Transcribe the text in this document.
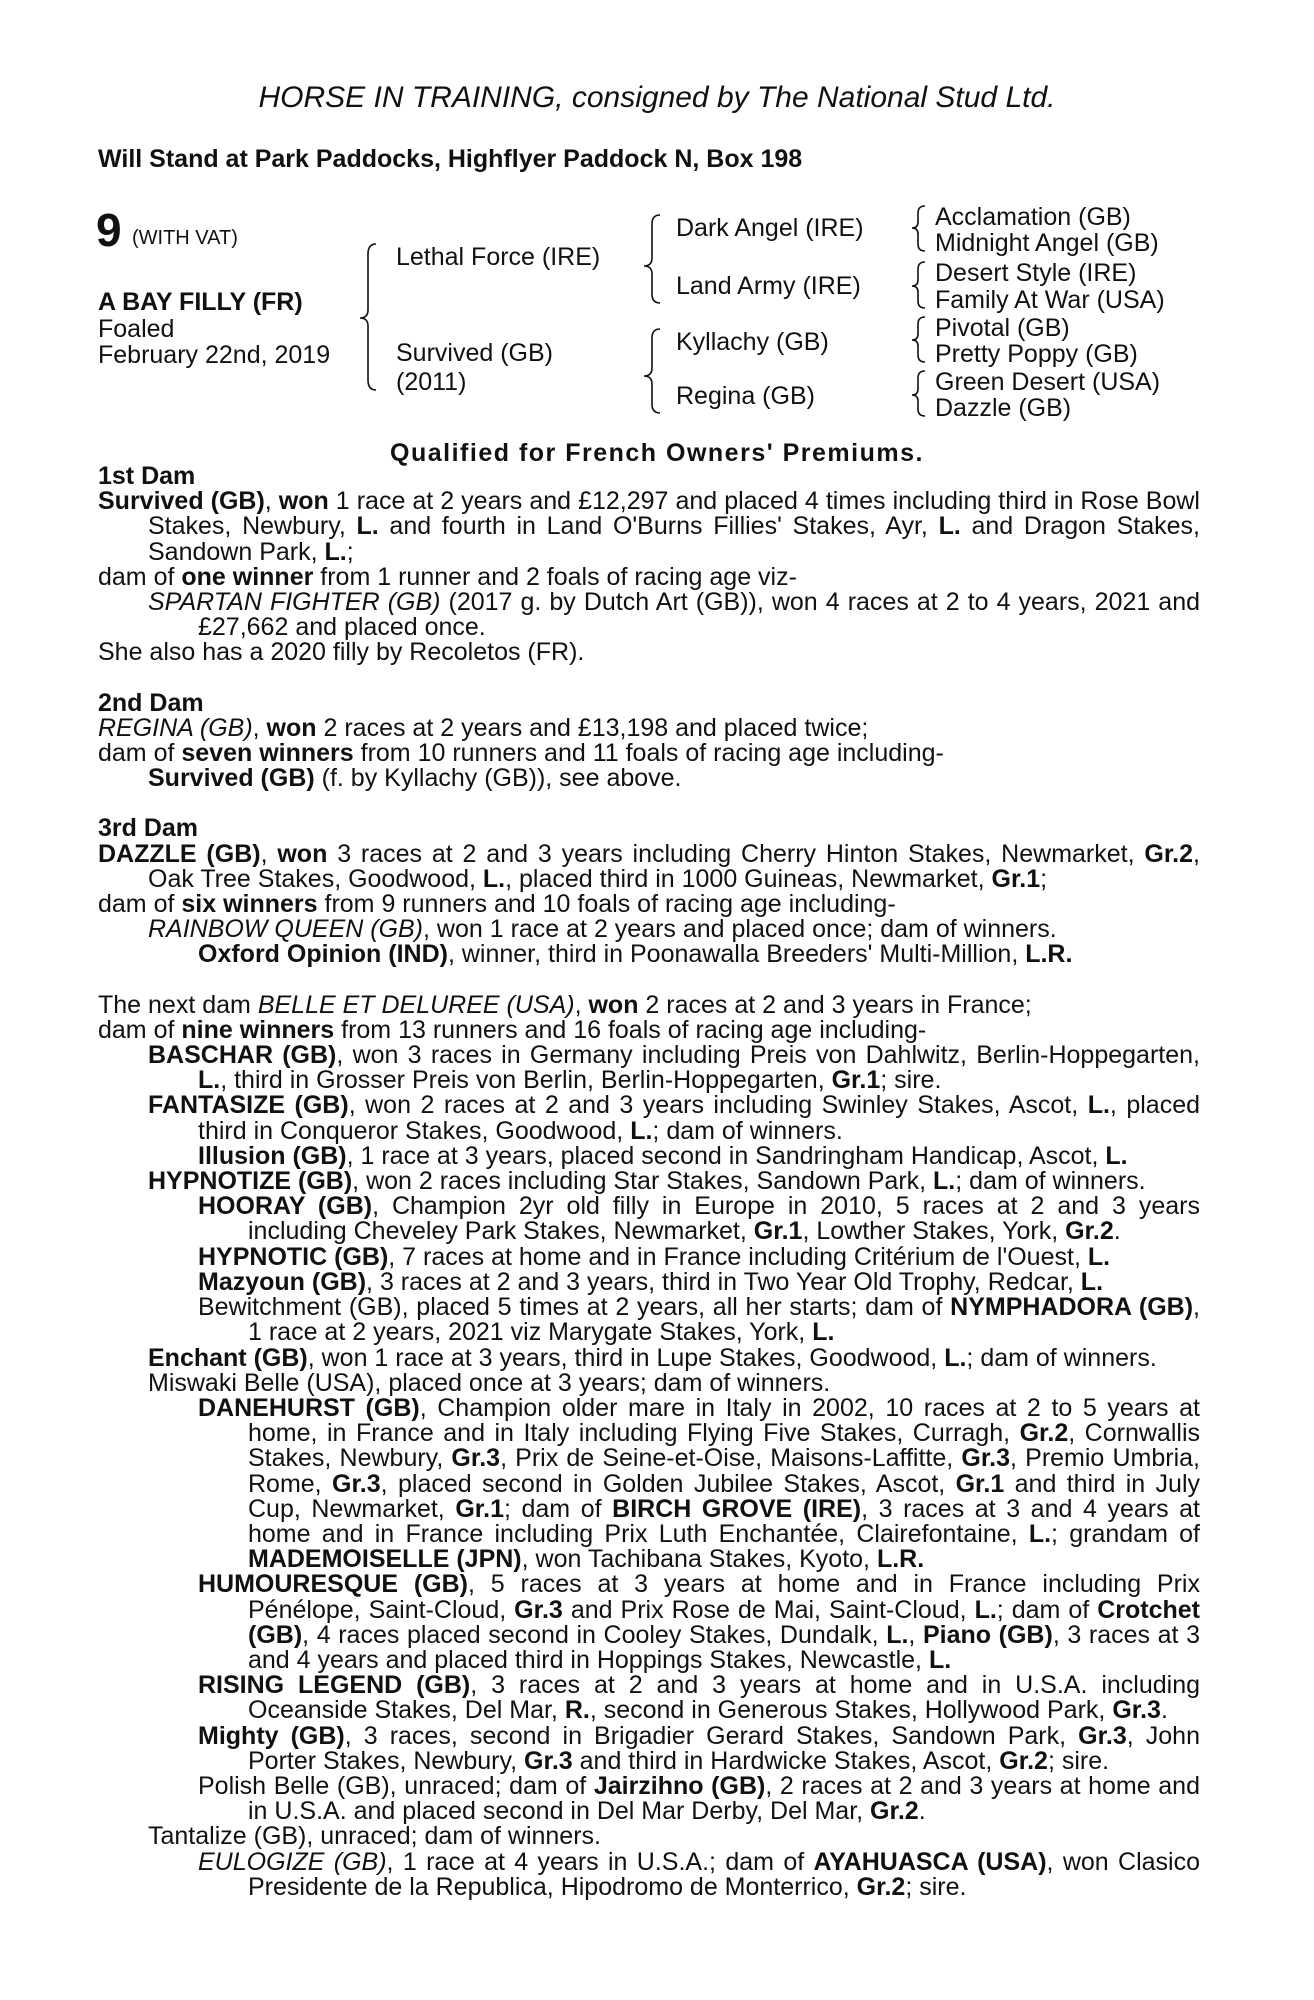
HORSE IN TRAINING, consigned by The National Stud Ltd.
Will Stand at Park Paddocks, Highflyer Paddock N, Box 198
9 (WITH VAT)
A BAY FILLY (FR)
Foaled
February 22nd, 2019
Lethal Force (IRE)
Survived (GB)
(2011)
Dark Angel (IRE)
Land Army (IRE)
Kyllachy (GB)
Regina (GB)
Acclamation (GB)
Midnight Angel (GB)
Desert Style (IRE)
Family At War (USA)
Pivotal (GB)
Pretty Poppy (GB)
Green Desert (USA)
Dazzle (GB)
Qualified for French Owners' Premiums.

1st Dam

Survived (GB), won 1 race at 2 years and £12,297 and placed 4 times including third in Rose Bowl Stakes, Newbury, L. and fourth in Land O'Burns Fillies' Stakes, Ayr, L. and Dragon Stakes, Sandown Park, L.;

dam of one winner from 1 runner and 2 foals of racing age viz-

SPARTAN FIGHTER (GB) (2017 g. by Dutch Art (GB)), won 4 races at 2 to 4 years, 2021 and £27,662 and placed once.

She also has a 2020 filly by Recoletos (FR).

2nd Dam

REGINA (GB), won 2 races at 2 years and £13,198 and placed twice;

dam of seven winners from 10 runners and 11 foals of racing age including-

Survived (GB) (f. by Kyllachy (GB)), see above.

3rd Dam

DAZZLE (GB), won 3 races at 2 and 3 years including Cherry Hinton Stakes, Newmarket, Gr.2, Oak Tree Stakes, Goodwood, L., placed third in 1000 Guineas, Newmarket, Gr.1;

dam of six winners from 9 runners and 10 foals of racing age including-

RAINBOW QUEEN (GB), won 1 race at 2 years and placed once; dam of winners.

Oxford Opinion (IND), winner, third in Poonawalla Breeders' Multi-Million, L.R.

The next dam BELLE ET DELUREE (USA), won 2 races at 2 and 3 years in France;

dam of nine winners from 13 runners and 16 foals of racing age including-

BASCHAR (GB), won 3 races in Germany including Preis von Dahlwitz, Berlin-Hoppegarten, L., third in Grosser Preis von Berlin, Berlin-Hoppegarten, Gr.1; sire.

FANTASIZE (GB), won 2 races at 2 and 3 years including Swinley Stakes, Ascot, L., placed third in Conqueror Stakes, Goodwood, L.; dam of winners.

Illusion (GB), 1 race at 3 years, placed second in Sandringham Handicap, Ascot, L.

HYPNOTIZE (GB), won 2 races including Star Stakes, Sandown Park, L.; dam of winners.

HOORAY (GB), Champion 2yr old filly in Europe in 2010, 5 races at 2 and 3 years including Cheveley Park Stakes, Newmarket, Gr.1, Lowther Stakes, York, Gr.2.

HYPNOTIC (GB), 7 races at home and in France including Critérium de l'Ouest, L.

Mazyoun (GB), 3 races at 2 and 3 years, third in Two Year Old Trophy, Redcar, L.

Bewitchment (GB), placed 5 times at 2 years, all her starts; dam of NYMPHADORA (GB), 1 race at 2 years, 2021 viz Marygate Stakes, York, L.

Enchant (GB), won 1 race at 3 years, third in Lupe Stakes, Goodwood, L.; dam of winners.

Miswaki Belle (USA), placed once at 3 years; dam of winners.

DANEHURST (GB), Champion older mare in Italy in 2002, 10 races at 2 to 5 years at home, in France and in Italy including Flying Five Stakes, Curragh, Gr.2, Cornwallis Stakes, Newbury, Gr.3, Prix de Seine-et-Oise, Maisons-Laffitte, Gr.3, Premio Umbria, Rome, Gr.3, placed second in Golden Jubilee Stakes, Ascot, Gr.1 and third in July Cup, Newmarket, Gr.1; dam of BIRCH GROVE (IRE), 3 races at 3 and 4 years at home and in France including Prix Luth Enchantée, Clairefontaine, L.; grandam of MADEMOISELLE (JPN), won Tachibana Stakes, Kyoto, L.R.

HUMOURESQUE (GB), 5 races at 3 years at home and in France including Prix Pénélope, Saint-Cloud, Gr.3 and Prix Rose de Mai, Saint-Cloud, L.; dam of Crotchet (GB), 4 races placed second in Cooley Stakes, Dundalk, L., Piano (GB), 3 races at 3 and 4 years and placed third in Hoppings Stakes, Newcastle, L.

RISING LEGEND (GB), 3 races at 2 and 3 years at home and in U.S.A. including Oceanside Stakes, Del Mar, R., second in Generous Stakes, Hollywood Park, Gr.3.

Mighty (GB), 3 races, second in Brigadier Gerard Stakes, Sandown Park, Gr.3, John Porter Stakes, Newbury, Gr.3 and third in Hardwicke Stakes, Ascot, Gr.2; sire.

Polish Belle (GB), unraced; dam of Jairzihno (GB), 2 races at 2 and 3 years at home and in U.S.A. and placed second in Del Mar Derby, Del Mar, Gr.2.

Tantalize (GB), unraced; dam of winners.

EULOGIZE (GB), 1 race at 4 years in U.S.A.; dam of AYAHUASCA (USA), won Clasico Presidente de la Republica, Hipodromo de Monterrico, Gr.2; sire.
